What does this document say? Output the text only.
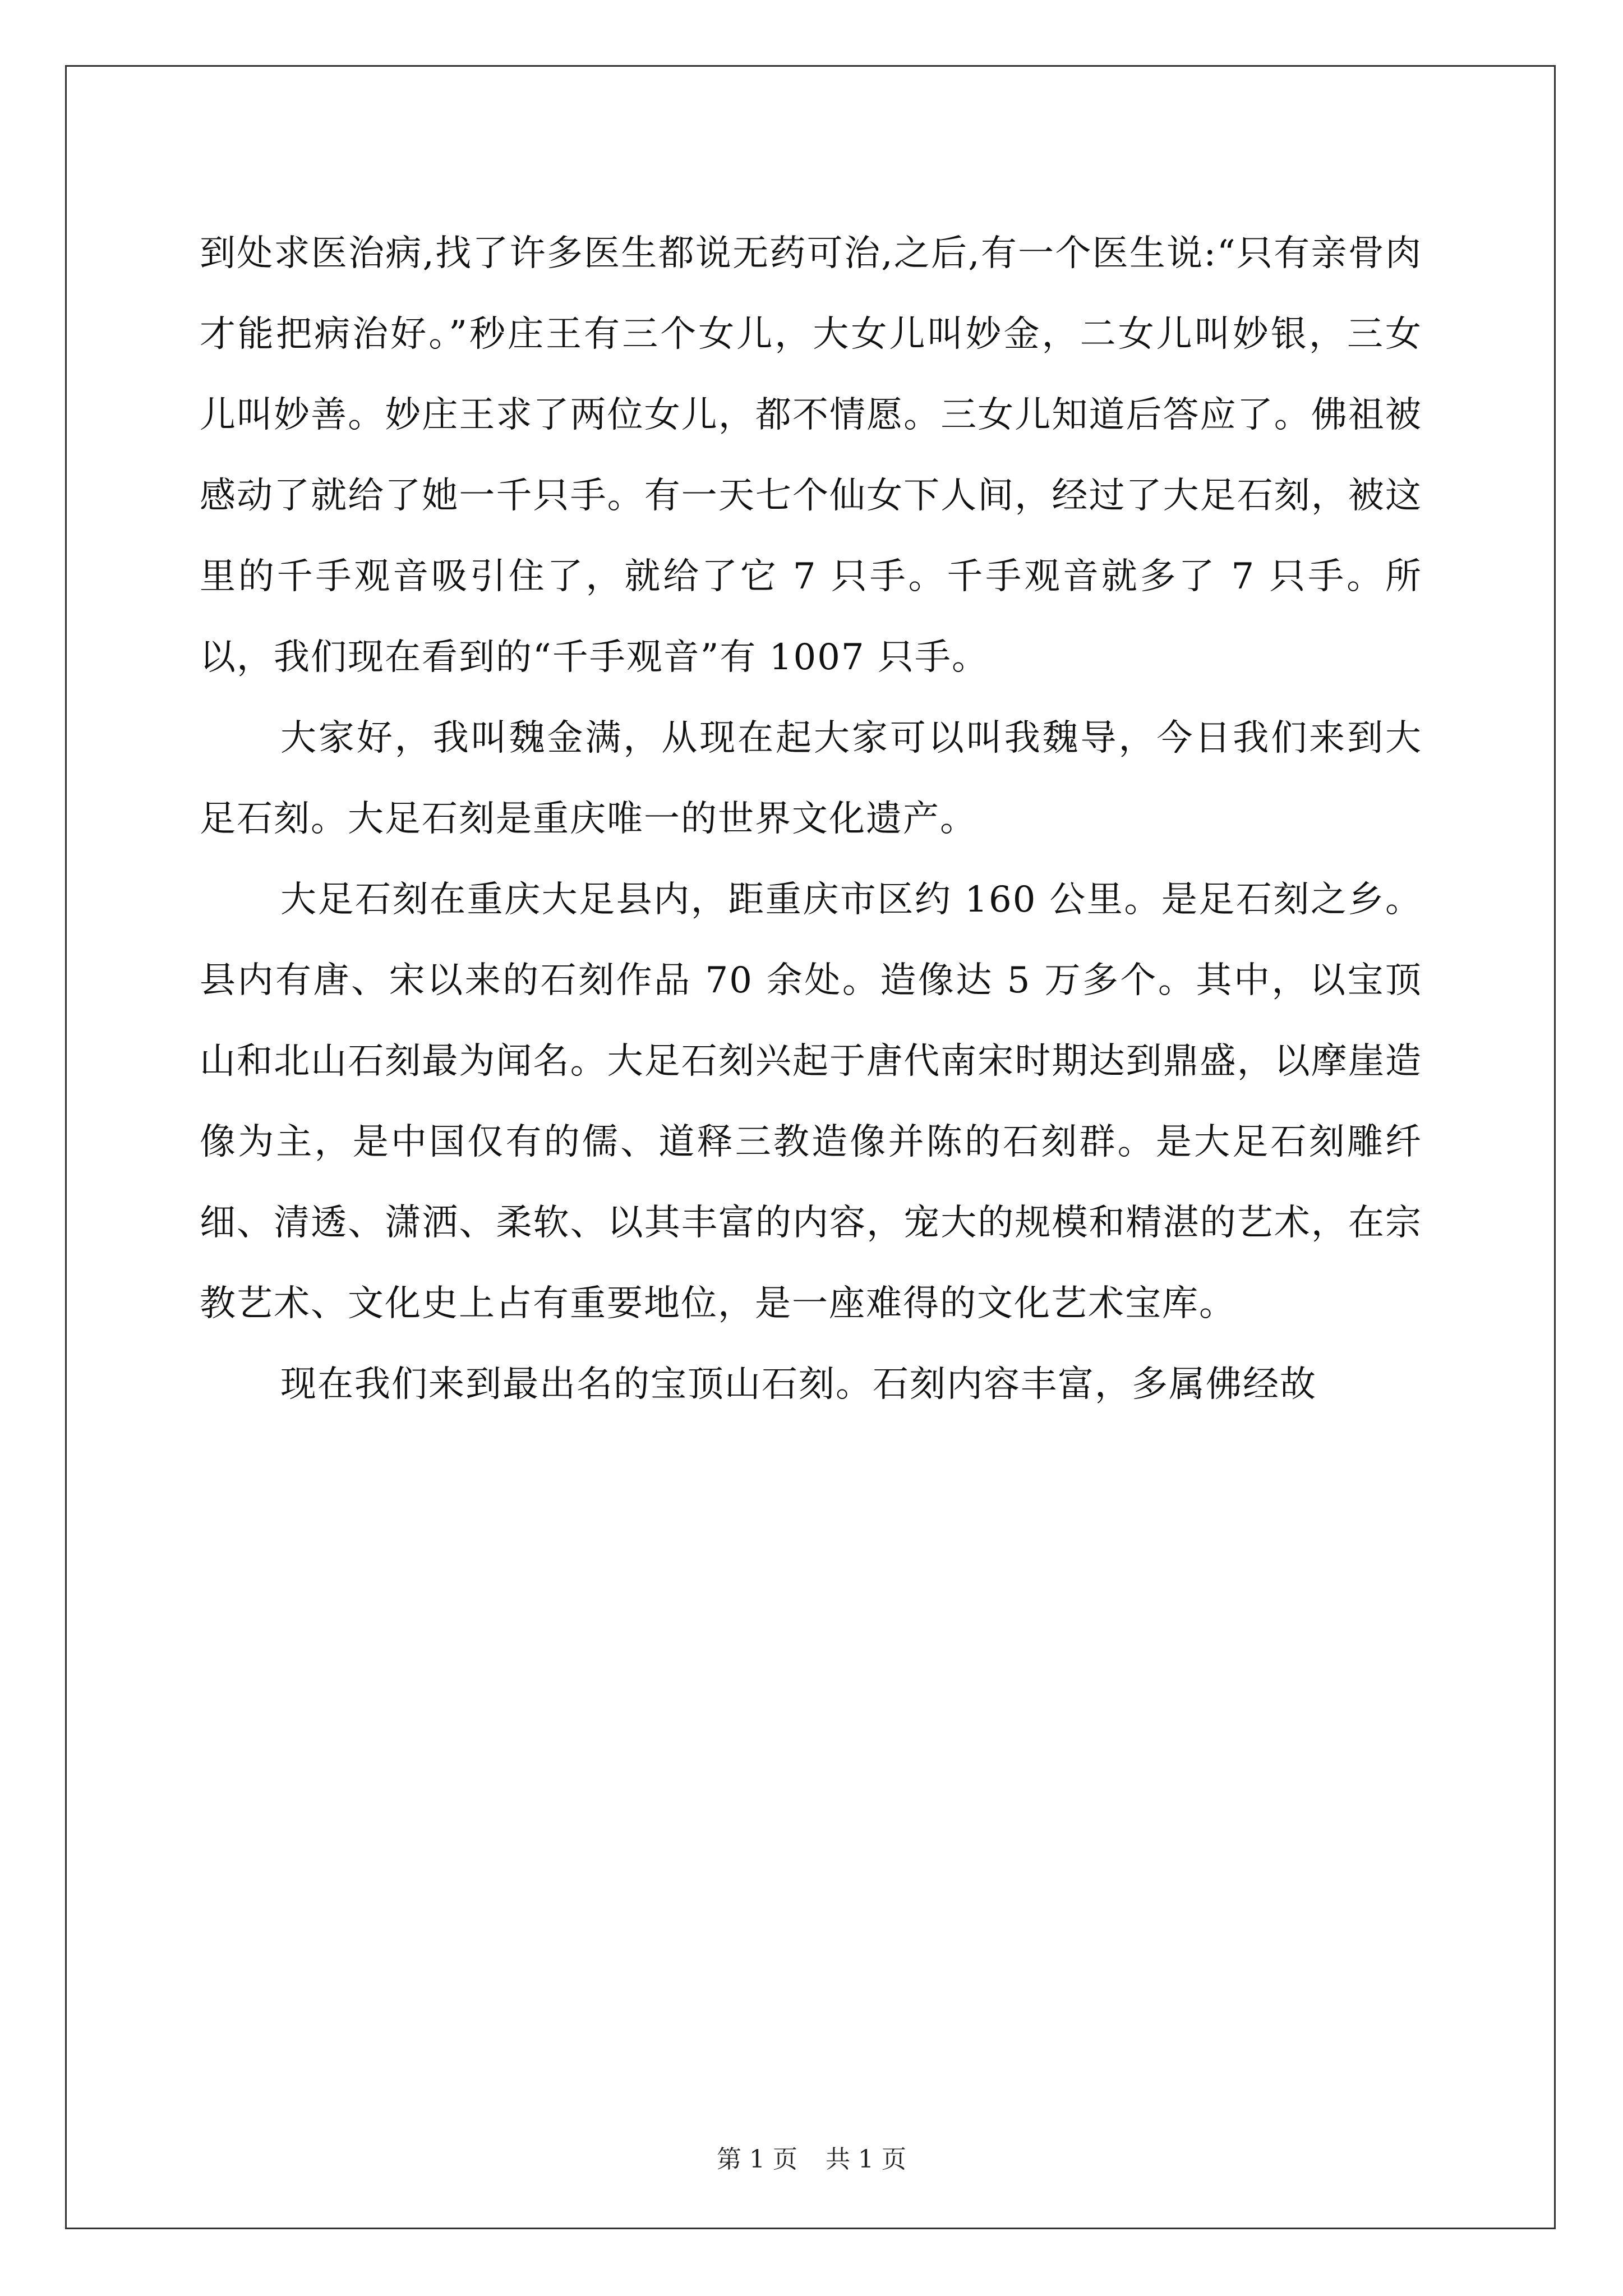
到处求医治病,找了许多医生都说无药可治,之后,有一个医生说:“只有亲骨肉才能把病治好。”秒庄王有三个女儿，大女儿叫妙金，二女儿叫妙银，三女儿叫妙善。妙庄王求了两位女儿，都不情愿。三女儿知道后答应了。佛祖被感动了就给了她一千只手。有一天七个仙女下人间，经过了大足石刻，被这里的千手观音吸引住了，就给了它 7 只手。千手观音就多了 7 只手。所以，我们现在看到的“千手观音”有 1007 只手。

大家好，我叫魏金满，从现在起大家可以叫我魏导，今日我们来到大足石刻。大足石刻是重庆唯一的世界文化遗产。

大足石刻在重庆大足县内，距重庆市区约 160 公里。是足石刻之乡。县内有唐、宋以来的石刻作品 70 余处。造像达 5 万多个。其中，以宝顶山和北山石刻最为闻名。大足石刻兴起于唐代南宋时期达到鼎盛，以摩崖造像为主，是中国仅有的儒、道释三教造像并陈的石刻群。是大足石刻雕纤细、清透、潇洒、柔软、以其丰富的内容，宠大的规模和精湛的艺术，在宗教艺术、文化史上占有重要地位，是一座难得的文化艺术宝库。

现在我们来到最出名的宝顶山石刻。石刻内容丰富，多属佛经故

第 1 页 共 1 页
